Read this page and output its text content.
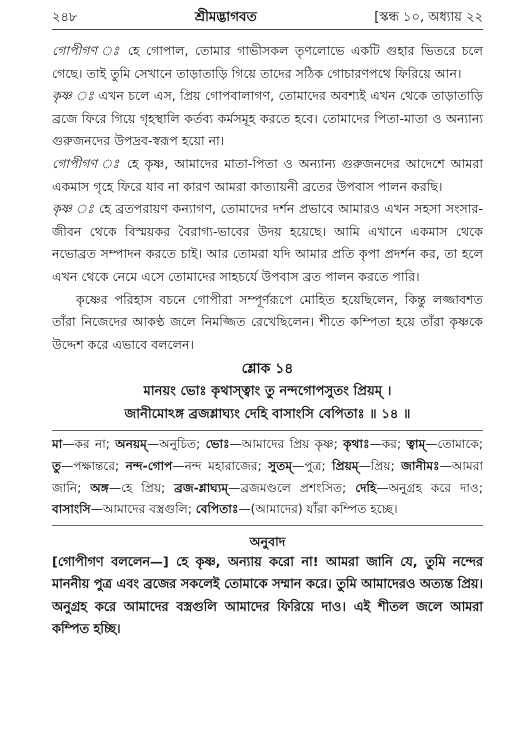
২৪৮	শ্রীমদ্ভাগবত	[স্কন্ধ ১০, অধ্যায় ২২

গোপীগণ ঃ হে গোপাল, তোমার গাভীসকল তৃণলোভে একটি গুহার ভিতরে চলে গেছে। তাই তুমি সেখানে তাড়াতাড়ি গিয়ে তাদের সঠিক গোচারণপথে ফিরিয়ে আন।

কৃষ্ণ ঃ এখন চলে এস, প্রিয় গোপবালাগণ, তোমাদের অবশ্যই এখন থেকে তাড়াতাড়ি ব্রজে ফিরে গিয়ে গৃহস্থালি কর্তব্য কর্মসমূহ করতে হবে। তোমাদের পিতা-মাতা ও অন্যান্য গুরুজনদের উপদ্রব-স্বরূপ হয়ো না।

গোপীগণ ঃ হে কৃষ্ণ, আমাদের মাতা-পিতা ও অন্যান্য গুরুজনদের আদেশে আমরা একমাস গৃহে ফিরে যাব না কারণ আমরা কাত্যায়নী ব্রতের উপবাস পালন করছি।

কৃষ্ণ ঃ হে ব্রতপরায়ণ কন্যাগণ, তোমাদের দর্শন প্রভাবে আমারও এখন সহসা সংসার-জীবন থেকে বিস্ময়কর বৈরাগ্য-ভাবের উদয় হয়েছে। আমি এখানে একমাস থেকে নভোব্রত সম্পাদন করতে চাই। আর তোমরা যদি আমার প্রতি কৃপা প্রদর্শন কর, তা হলে এখন থেকে নেমে এসে তোমাদের সাহচর্যে উপবাস ব্রত পালন করতে পারি।

কৃষ্ণের পরিহাস বচনে গোপীরা সম্পূর্ণরূপে মোহিত হয়েছিলেন, কিন্তু লজ্জাবশত তাঁরা নিজেদের আকণ্ঠ জলে নিমজ্জিত রেখেছিলেন। শীতে কম্পিতা হয়ে তাঁরা কৃষ্ণকে উদ্দেশ করে এভাবে বললেন।

শ্লোক ১৪
মানয়ং ভোঃ কৃথাস্ত্বাং তু নন্দগোপসুতং প্রিয়ম্ ।
জানীমোঽঙ্গ ব্রজশ্লাঘ্যং দেহি বাসাংসি বেপিতাঃ ॥ ১৪ ॥

মা—কর না; অনয়ম্—অনুচিত; ভোঃ—আমাদের প্রিয় কৃষ্ণ; কৃথাঃ—কর; ত্বাম্—তোমাকে; তু—পক্ষান্তরে; নন্দ-গোপ—নন্দ মহারাজের; সুতম্—পুত্র; প্রিয়ম্—প্রিয়; জানীমঃ—আমরা জানি; অঙ্গ—হে প্রিয়; ব্রজ-শ্লাঘ্যম্—ব্রজমণ্ডলে প্রশংসিত; দেহি—অনুগ্রহ করে দাও; বাসাংসি—আমাদের বস্ত্রগুলি; বেপিতাঃ—(আমাদের) যাঁরা কম্পিত হচ্ছে।

অনুবাদ

[গোপীগণ বললেন—] হে কৃষ্ণ, অন্যায় করো না! আমরা জানি যে, তুমি নন্দের মাননীয় পুত্র এবং ব্রজের সকলেই তোমাকে সম্মান করে। তুমি আমাদেরও অত্যন্ত প্রিয়। অনুগ্রহ করে আমাদের বস্ত্রগুলি আমাদের ফিরিয়ে দাও। এই শীতল জলে আমরা কম্পিত হচ্ছি।
